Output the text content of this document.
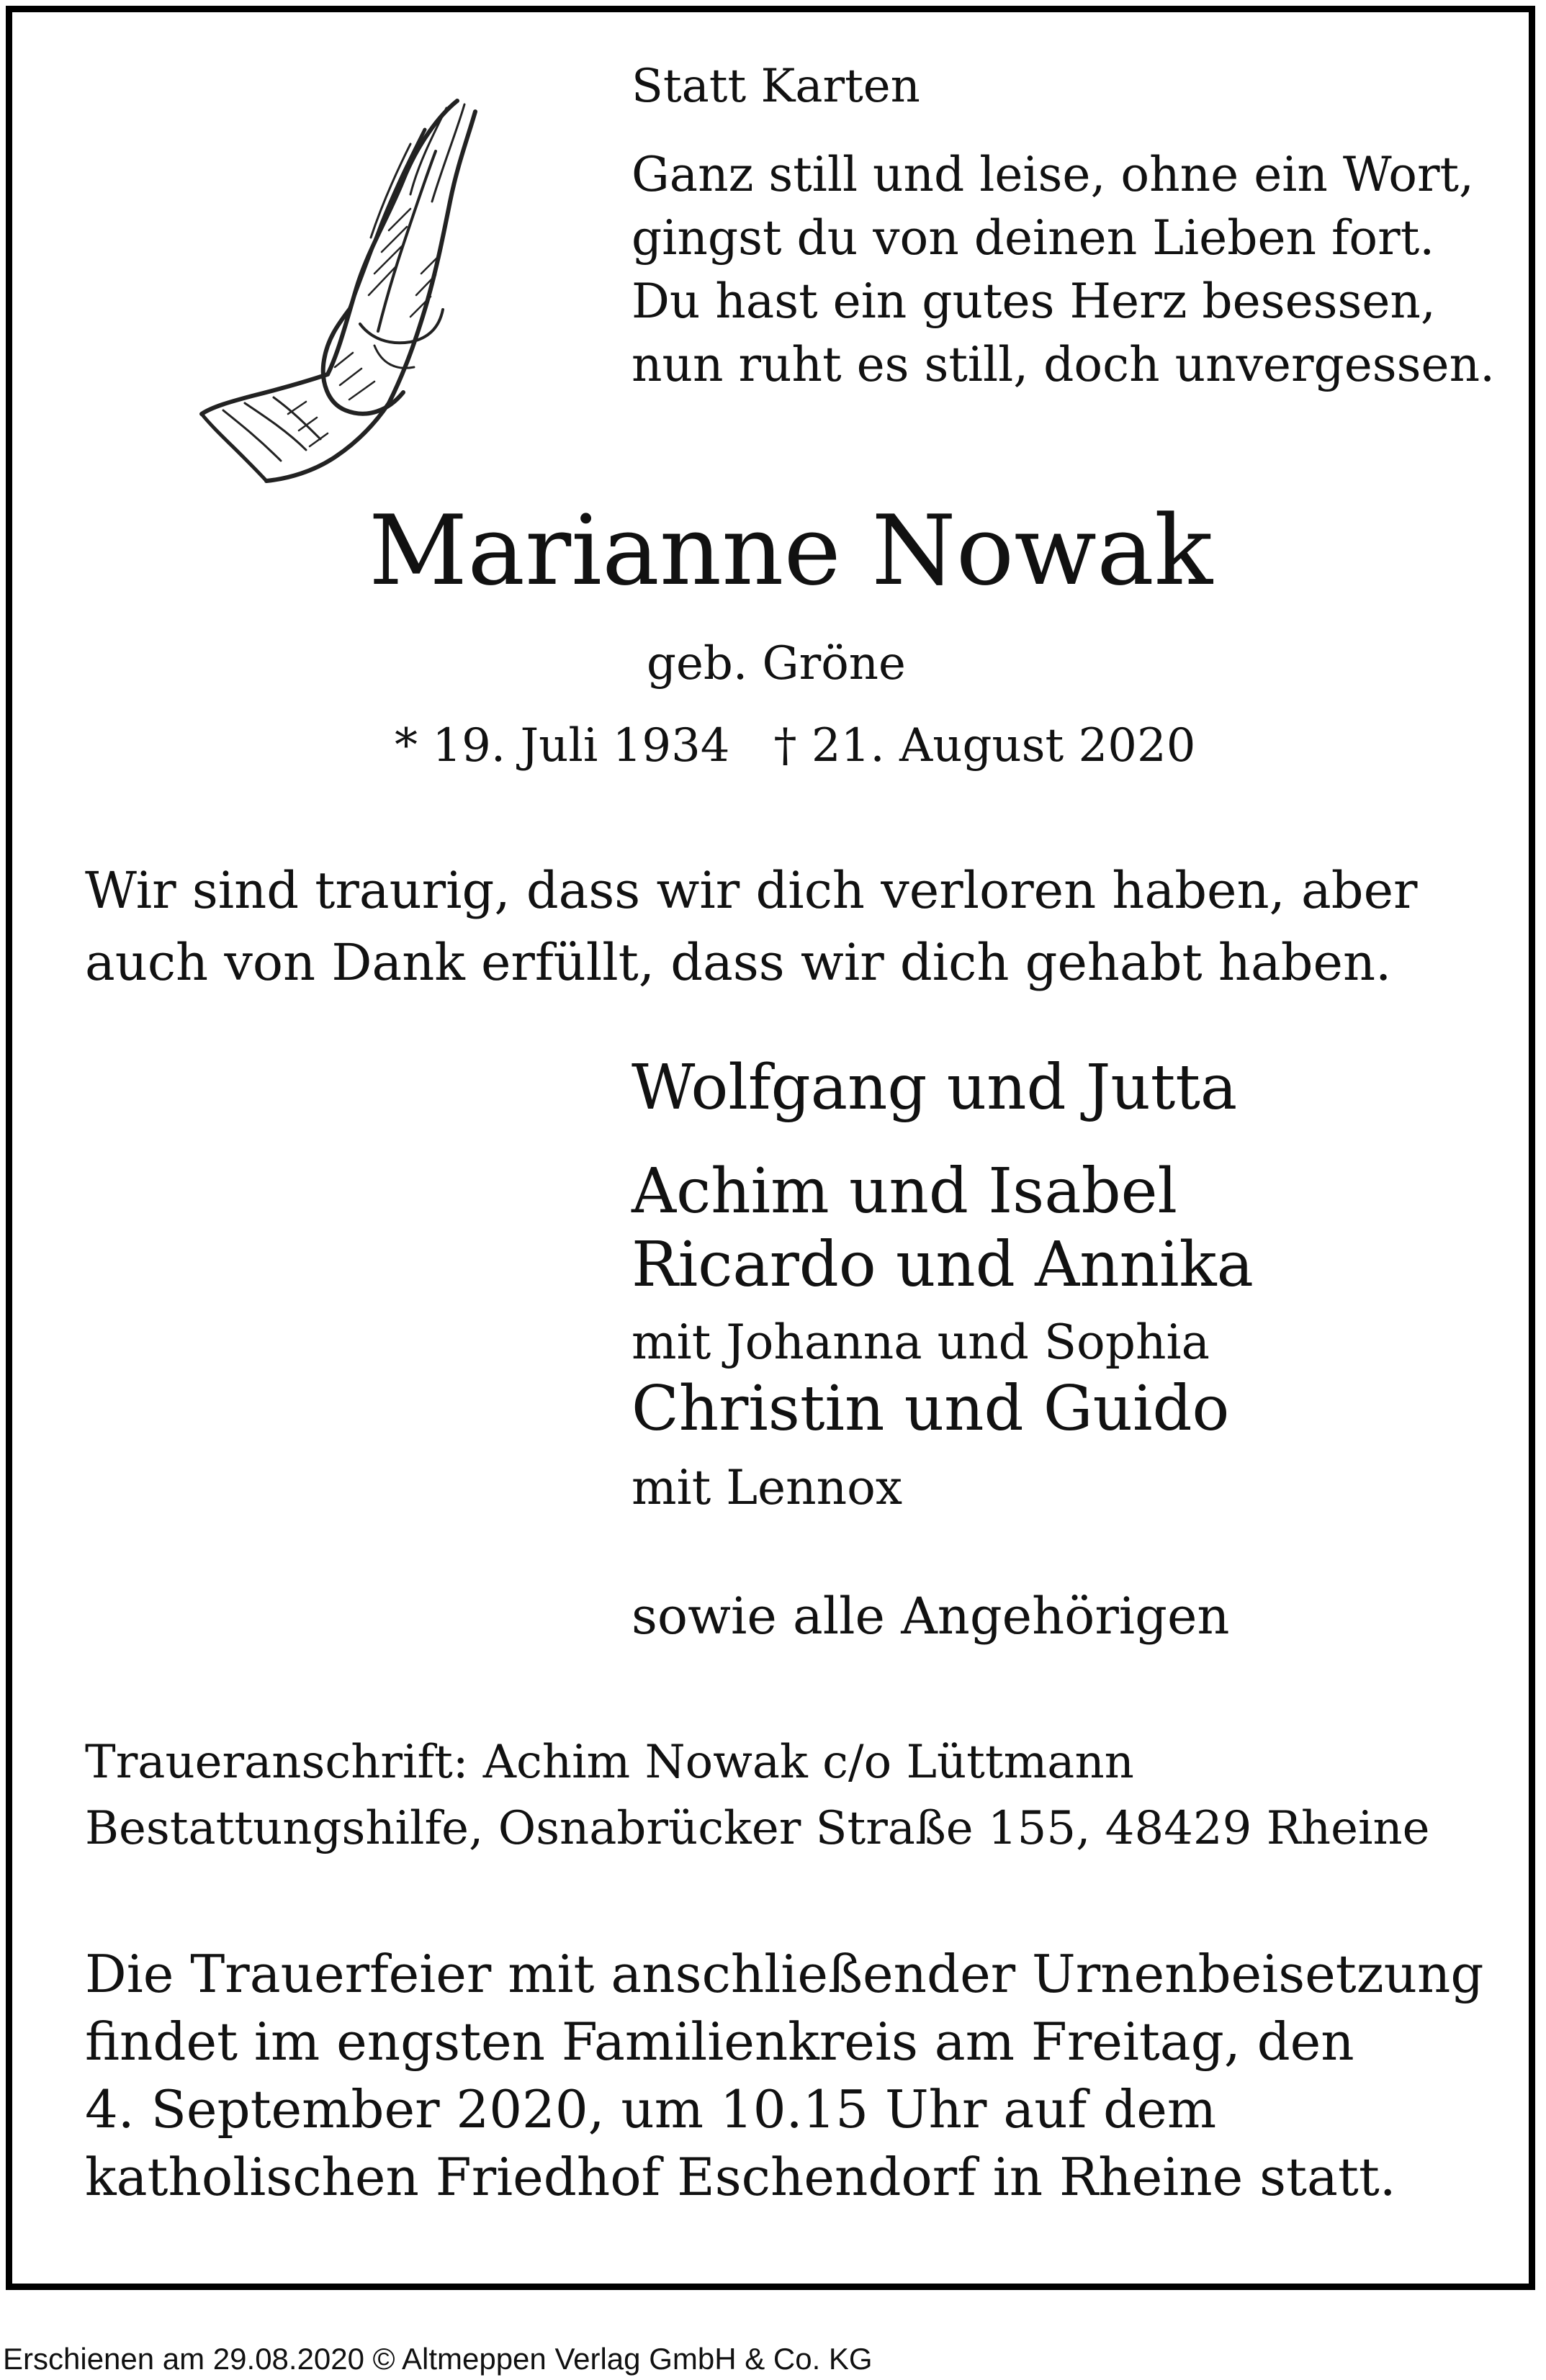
Statt Karten

Ganz still und leise, ohne ein Wort,

gingst du von deinen Lieben fort.

Du hast ein gutes Herz besessen,

nun ruht es still, doch unvergessen.

Marianne Nowak

geb. Gröne

* 19. Juli 1934   † 21. August 2020

Wir sind traurig, dass wir dich verloren haben, aber

auch von Dank erfüllt, dass wir dich gehabt haben.

Wolfgang und Jutta

Achim und Isabel

Ricardo und Annika

mit Johanna und Sophia

Christin und Guido

mit Lennox

sowie alle Angehörigen

Traueranschrift: Achim Nowak c/o Lüttmann

Bestattungshilfe, Osnabrücker Straße 155, 48429 Rheine

Die Trauerfeier mit anschließender Urnenbeisetzung

findet im engsten Familienkreis am Freitag, den

4. September 2020, um 10.15 Uhr auf dem

katholischen Friedhof Eschendorf in Rheine statt.

Erschienen am 29.08.2020 © Altmeppen Verlag GmbH & Co. KG
